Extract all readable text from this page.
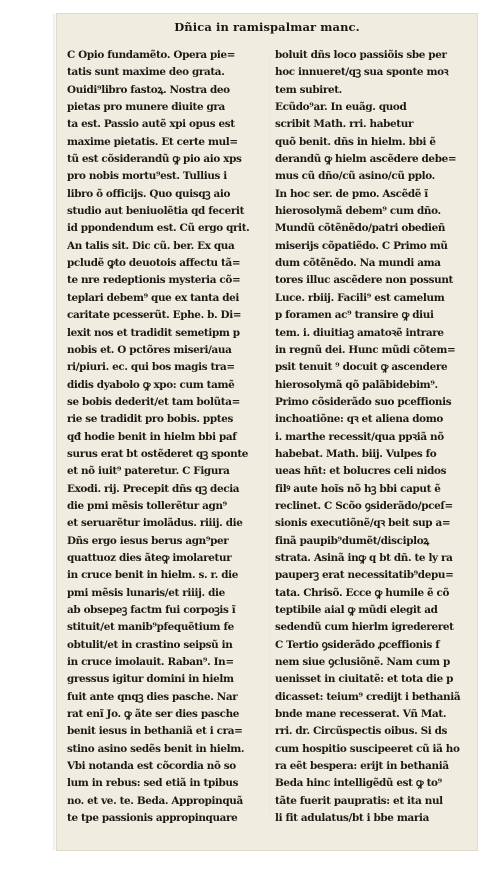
Dñica in ramispalmar manc.
C Opio fundamẽto. Opera pie=
tatis sunt maxime deo grata.
Ouidi⁹libro fastoꝝ. Nostra deo
pietas pro munere diuite gra
ta est. Passio autẽ xpi opus est
maxime pietatis. Et certe mul=
tũ est cõsiderandũ ꝙ pio aio xps
pro nobis mortu⁹est. Tullius i
libro õ officijs. Quo quisqꝫ aio
studio aut beniuolẽtia qd fecerit
id ppondendum est. Cũ ergo qrit.
An talis sit. Dic cũ. ber. Ex qua
pcludẽ ꝙto deuotois affectu tã=
te nre redeptionis mysteria cõ=
teplari debem⁹ que ex tanta dei
caritate pcesserũt. Ephe. b. Di=
lexit nos et tradidit semetipm p
nobis et. O pctõres miseri/aua
ri/piuri. ec. qui bos magis tra=
didis dyabolo ꝙ xpo: cum tamẽ
se bobis dederit/et tam bolũta=
rie se tradidit pro bobis. pptes
qđ hodie benit in hielm bbi paf
surus erat bt ostẽderet qꝫ sponte
et nõ iuit⁹ pateretur. C Figura
Exodi. rij. Precepit dñs qꝫ decia
die pmi mẽsis tollerẽtur agn⁹
et seruarẽtur imolãdus. riiij. die
Dñs ergo iesus berus agn⁹per
quattuoz dies ãteꝙ imolaretur
in cruce benit in hielm. s. r. die
pmi mẽsis lunaris/et riiij. die
ab obsepeꝫ factm fui corpoꝫis ĩ
stituit/et manib⁹pfequẽtium fe
obtulit/et in crastino seipsũ in
in cruce imolauit. Raban⁹. In=
gressus igitur domini in hielm
fuit ante qnqꝫ dies pasche. Nar
rat enĩ Jo. ꝙ ãte ser dies pasche
benit iesus in bethaniã et i cra=
stino asino sedẽs benit in hielm.
Vbi notanda est cõcordia nõ so
lum in rebus: sed etiã in tpibus
no. et ve. te. Beda. Appropinquã
te tpe passionis appropinquare
boluit dñs loco passiõis sbe per
hoc innueret/qꝫ sua sponte moꝛ
tem subiret.
Ecũdo⁹ar. In euãg. quod
scribit Math. rri. habetur
quõ benit. dñs in hielm. bbi ẽ
derandũ ꝙ hielm ascẽdere debe=
mus cũ dño/cũ asino/cũ pplo.
In hoc ser. de pmo. Ascẽdẽ ĩ
hierosolymã debem⁹ cum dño.
Mundũ cõtẽnẽdo/patri obedieñ
miserijs cõpatiẽdo. C Primo mũ
dum cõtẽnẽdo. Na mundi ama
tores illuc ascẽdere non possunt
Luce. rbiij. Facili⁹ est camelum
p foramen ac⁹ transire ꝙ diui
tem. i. diuitiaꝫ amatoꝛẽ intrare
in regnũ dei. Hunc mũdi cõtem=
psit tenuit ⁹ docuit ꝙ ascendere
hierosolymã qõ palãbidebim⁹.
Primo cõsiderãdo suo pceffionis
inchoatiõne: qꝛ et aliena domo
i. marthe recessit/qua ppꝛiã nõ
habebat. Math. biij. Vulpes fo
ueas hñt: et bolucres celi nidos
filꝰ aute hoĩs nõ hꝫ bbi caput ẽ
reclinet. C Scõo ꝯsiderãdo/pceſ=
sionis executiõnẽ/qꝛ beit sup a=
finã paupib⁹dumẽt/disciploꝝ
strata. Asinã inꝙ q bt dñ. te ly ra
pauperꝫ erat necessitatib⁹depu=
tata. Chrisõ. Ecce ꝙ humile ẽ cõ
teptibile aial ꝙ mũdi elegit ad
sedendũ cum hierlm igredereret
C Tertio ꝯsiderãdo ꝓceffionis f
nem siue ꝯclusiõnẽ. Nam cum p
uenisset in ciuitatẽ: et tota die p
dicasset: teium⁹ credijt i bethaniã
bnde mane recesserat. Vñ Mat.
rri. dr. Circũspectis oibus. Si ds
cum hospitio suscipeeret cũ iã ho
ra eẽt bespera: erijt in bethaniã
Beda hinc intelligẽdũ est ꝙ to⁹
tãte fuerit paupratis: et ita nul
li fit adulatus/bt i bbe maria
